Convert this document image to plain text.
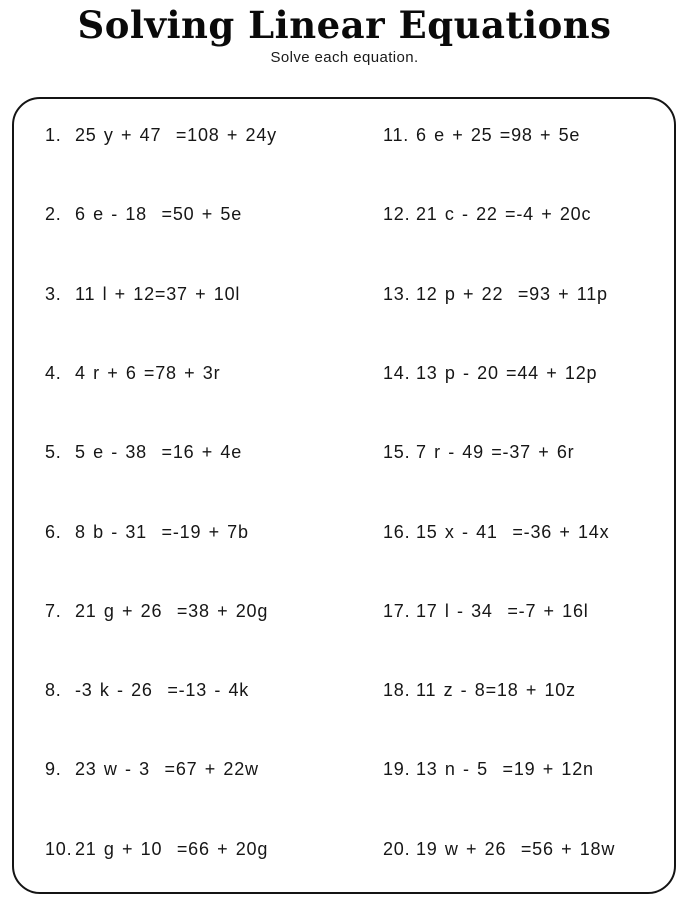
Solving Linear Equations
Solve each equation.
1. 25 y + 47  =108 + 24y
2. 6 e - 18  =50 + 5e
3. 11 l + 12=37 + 10l
4. 4 r + 6 =78 + 3r
5. 5 e - 38  =16 + 4e
6. 8 b - 31  =-19 + 7b
7. 21 g + 26  =38 + 20g
8. -3 k - 26  =-13 - 4k
9. 23 w - 3  =67 + 22w
10. 21 g + 10  =66 + 20g
11. 6 e + 25 =98 + 5e
12. 21 c - 22 =-4 + 20c
13. 12 p + 22  =93 + 11p
14. 13 p - 20 =44 + 12p
15. 7 r - 49 =-37 + 6r
16. 15 x - 41  =-36 + 14x
17. 17 l - 34  =-7 + 16l
18. 11 z - 8=18 + 10z
19. 13 n - 5  =19 + 12n
20. 19 w + 26  =56 + 18w
